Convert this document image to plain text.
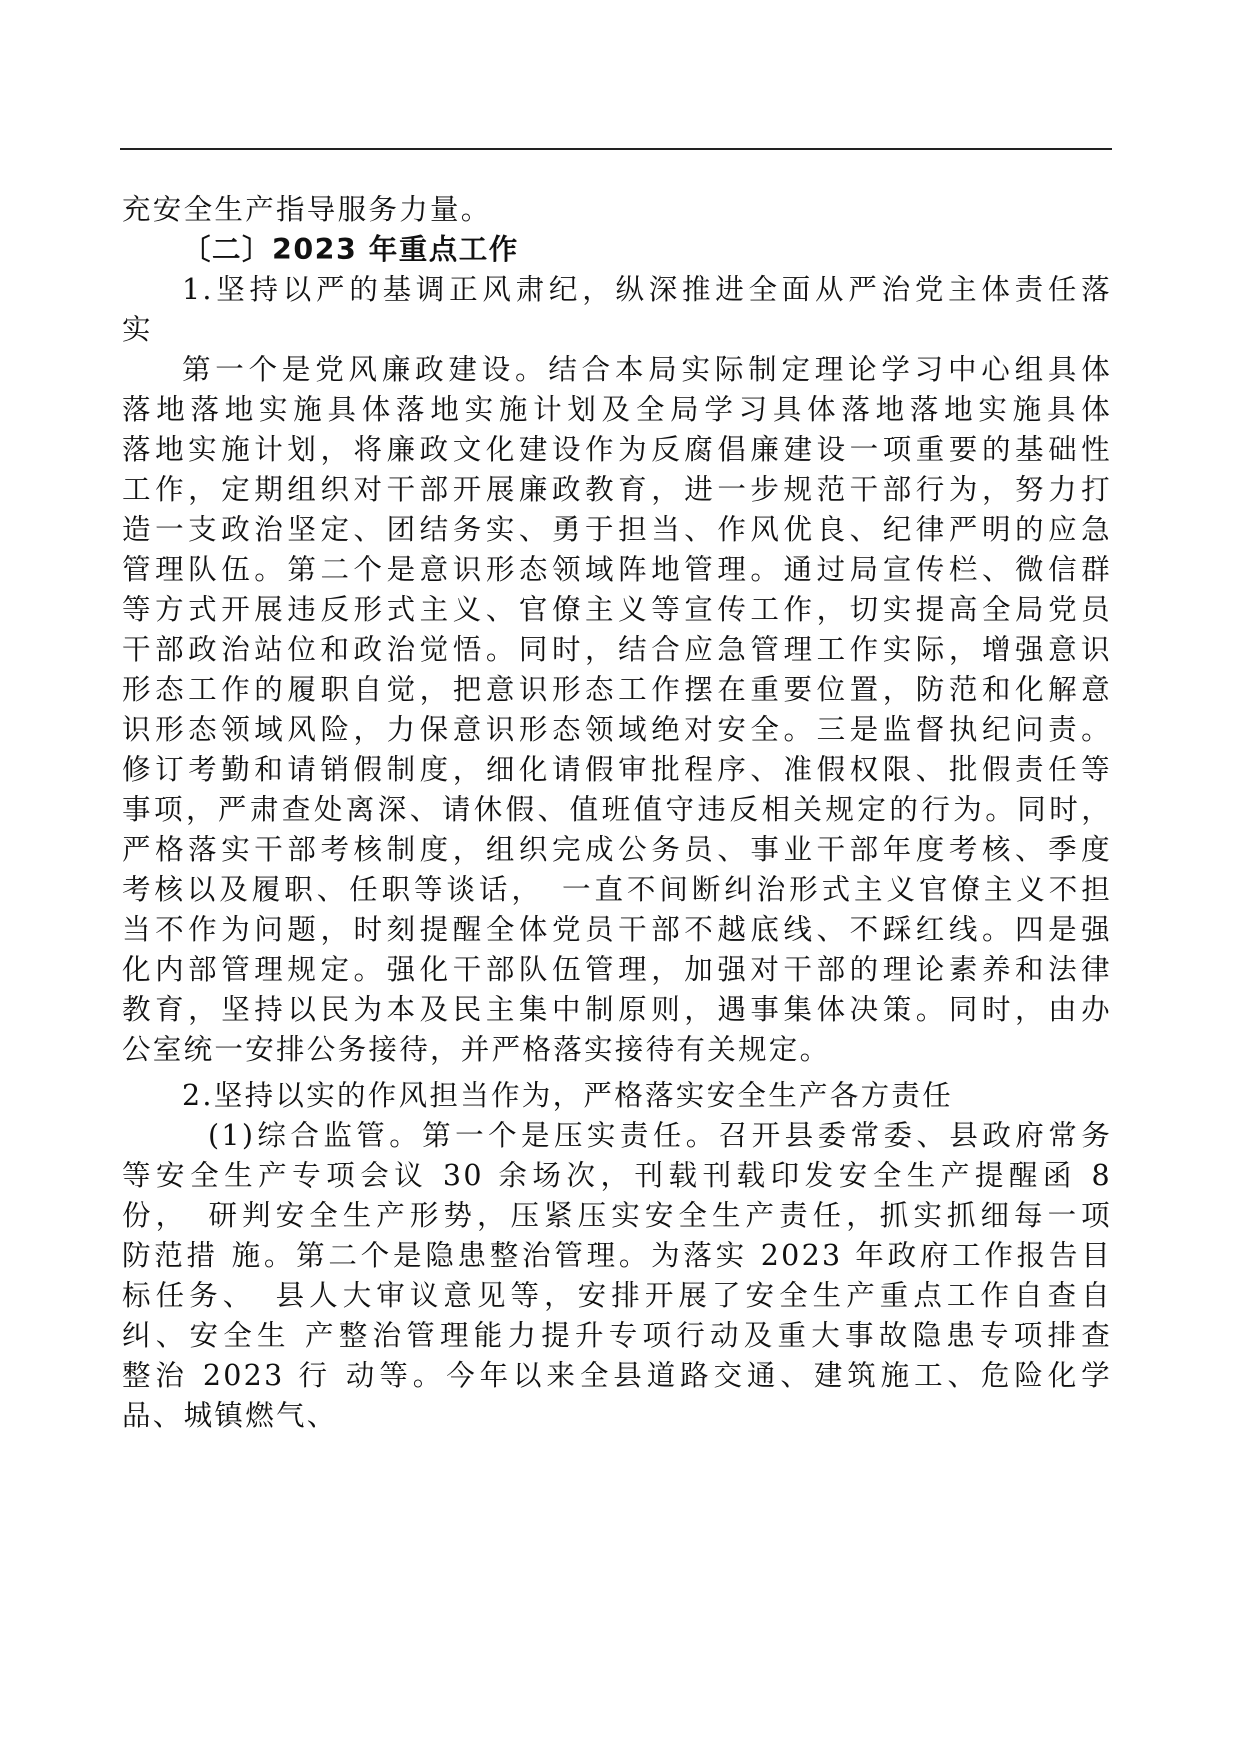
充安全生产指导服务力量。
〔二〕2023 年重点工作
1.坚持以严的基调正风肃纪，纵深推进全面从严治党主体责任落
实
第一个是党风廉政建设。结合本局实际制定理论学习中心组具体
落地落地实施具体落地实施计划及全局学习具体落地落地实施具体
落地实施计划，将廉政文化建设作为反腐倡廉建设一项重要的基础性
工作，定期组织对干部开展廉政教育，进一步规范干部行为，努力打
造一支政治坚定、团结务实、勇于担当、作风优良、纪律严明的应急
管理队伍。第二个是意识形态领域阵地管理。通过局宣传栏、微信群
等方式开展违反形式主义、官僚主义等宣传工作，切实提高全局党员
干部政治站位和政治觉悟。同时，结合应急管理工作实际，增强意识
形态工作的履职自觉，把意识形态工作摆在重要位置，防范和化解意
识形态领域风险，力保意识形态领域绝对安全。三是监督执纪问责。
修订考勤和请销假制度，细化请假审批程序、准假权限、批假责任等
事项，严肃查处离深、请休假、值班值守违反相关规定的行为。同时，
严格落实干部考核制度，组织完成公务员、事业干部年度考核、季度
考核以及履职、任职等谈话，　一直不间断纠治形式主义官僚主义不担
当不作为问题，时刻提醒全体党员干部不越底线、不踩红线。四是强
化内部管理规定。强化干部队伍管理，加强对干部的理论素养和法律
教育，坚持以民为本及民主集中制原则，遇事集体决策。同时，由办
公室统一安排公务接待，并严格落实接待有关规定。
2.坚持以实的作风担当作为，严格落实安全生产各方责任
(1)综合监管。第一个是压实责任。召开县委常委、县政府常务
等安全生产专项会议 30 余场次，刊载刊载印发安全生产提醒函 8
份，　研判安全生产形势，压紧压实安全生产责任，抓实抓细每一项
防范措 施。第二个是隐患整治管理。为落实 2023 年政府工作报告目
标任务、　县人大审议意见等，安排开展了安全生产重点工作自查自
纠、安全生 产整治管理能力提升专项行动及重大事故隐患专项排查
整治 2023 行 动等。今年以来全县道路交通、建筑施工、危险化学
品、城镇燃气、
